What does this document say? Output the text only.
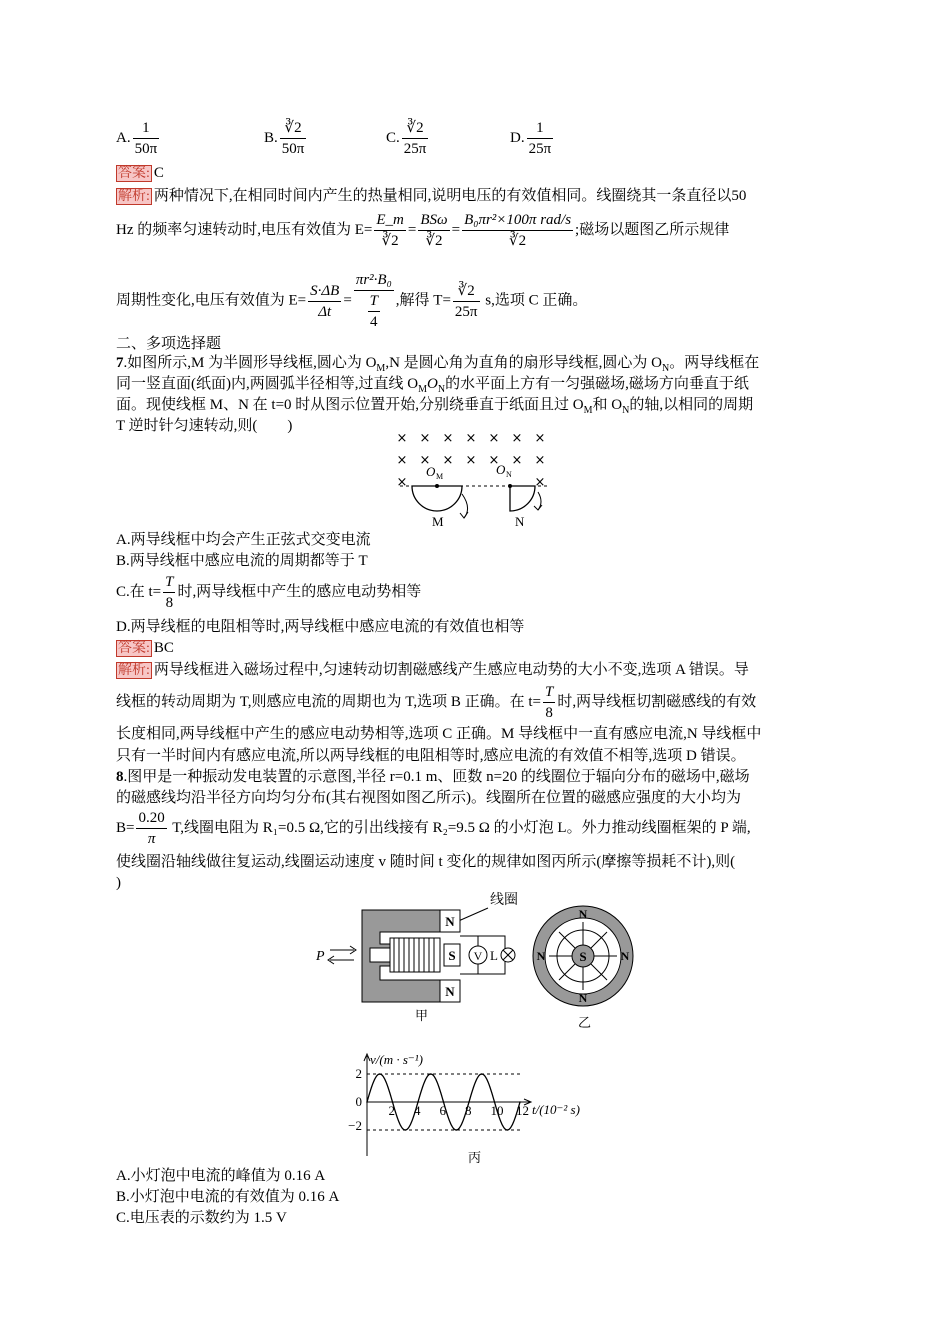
A. $\frac{1}{50\pi}$	B. $\frac{∛2}{50\pi}$	C. $\frac{∛2}{25\pi}$	D. $\frac{1}{25\pi}$
答案: C
解析: 两种情况下,在相同时间内产生的热量相同,说明电压的有效值相同。线圈绕其一条直径以50
Hz 的频率匀速转动时,电压有效值为 $E= \frac{E\_m}{∛2} = \frac{\text{BSω}}{∛2} = \frac{\text{B₀πr²×100π rad/s}}{∛2}$ ;磁场以题图乙所示规律
周期性变化,电压有效值为 $E= \frac{S\cdot\Delta B}{\Delta t} = \frac{\text{πr²·B₀}}{\frac{T}{4}}$ ,解得 $T= \frac{∛2}{25\pi} s$,选项 C 正确。
二、多项选择题
7.如图所示,M 为半圆形导线框,圆心为 $O_M,N$ 是圆心角为直角的扇形导线框,圆心为 $O_N$。两导线框在
同一竖直面(纸面)内,两圆弧半径相等,过直线 $O_MO_N$的水平面上方有一匀强磁场,磁场方向垂直于纸
面。现使线框 M、N 在 t=0 时从图示位置开始,分别绕垂直于纸面且过 $O_M$和 $O_N$的轴,以相同的周期
T 逆时针匀速转动,则(　　)
× × × × × × ×
× × × × × × ×
×	×
O M
M
O N
N
A.两导线框中均会产生正弦式交变电流
B.两导线框中感应电流的周期都等于 T
C.在 $t= \frac{T}{8}$ 时,两导线框中产生的感应电动势相等
D.两导线框的电阻相等时,两导线框中感应电流的有效值也相等
答案: BC
解析: 两导线框进入磁场过程中,匀速转动切割磁感线产生感应电动势的大小不变,选项 A 错误。导
线框的转动周期为 T,则感应电流的周期也为 T,选项 B 正确。在 $t= \frac{T}{8}$ 时,两导线框切割磁感线的有效
长度相同,两导线框中产生的感应电动势相等,选项 C 正确。M 导线框中一直有感应电流,N 导线框中
只有一半时间内有感应电流,所以两导线框的电阻相等时,感应电流的有效值不相等,选项 D 错误。
8.图甲是一种振动发电装置的示意图,半径 r=0.1 m、匝数 n=20 的线圈位于辐向分布的磁场中,磁场
的磁感线均沿半径方向均匀分布(其右视图如图乙所示)。线圈所在位置的磁感应强度的大小均为
$B= \frac{0.20}{\pi} T$,线圈电阻为 R₁=0.5 Ω,它的引出线接有 R₂=9.5 Ω 的小灯泡 L。外力推动线圈框架的 P 端,
使线圈沿轴线做往复运动,线圈运动速度 v 随时间 t 变化的规律如图丙所示(摩擦等损耗不计),则(
)
线圈
N
N
S
P	V L
甲
S
N
N
N	N
乙
v/(m · s⁻¹)
2
0
−2
t/(10⁻² s)
丙
2 4 6 8 10 12
A.小灯泡中电流的峰值为 0.16 A
B.小灯泡中电流的有效值为 0.16 A
C.电压表的示数约为 1.5 V
